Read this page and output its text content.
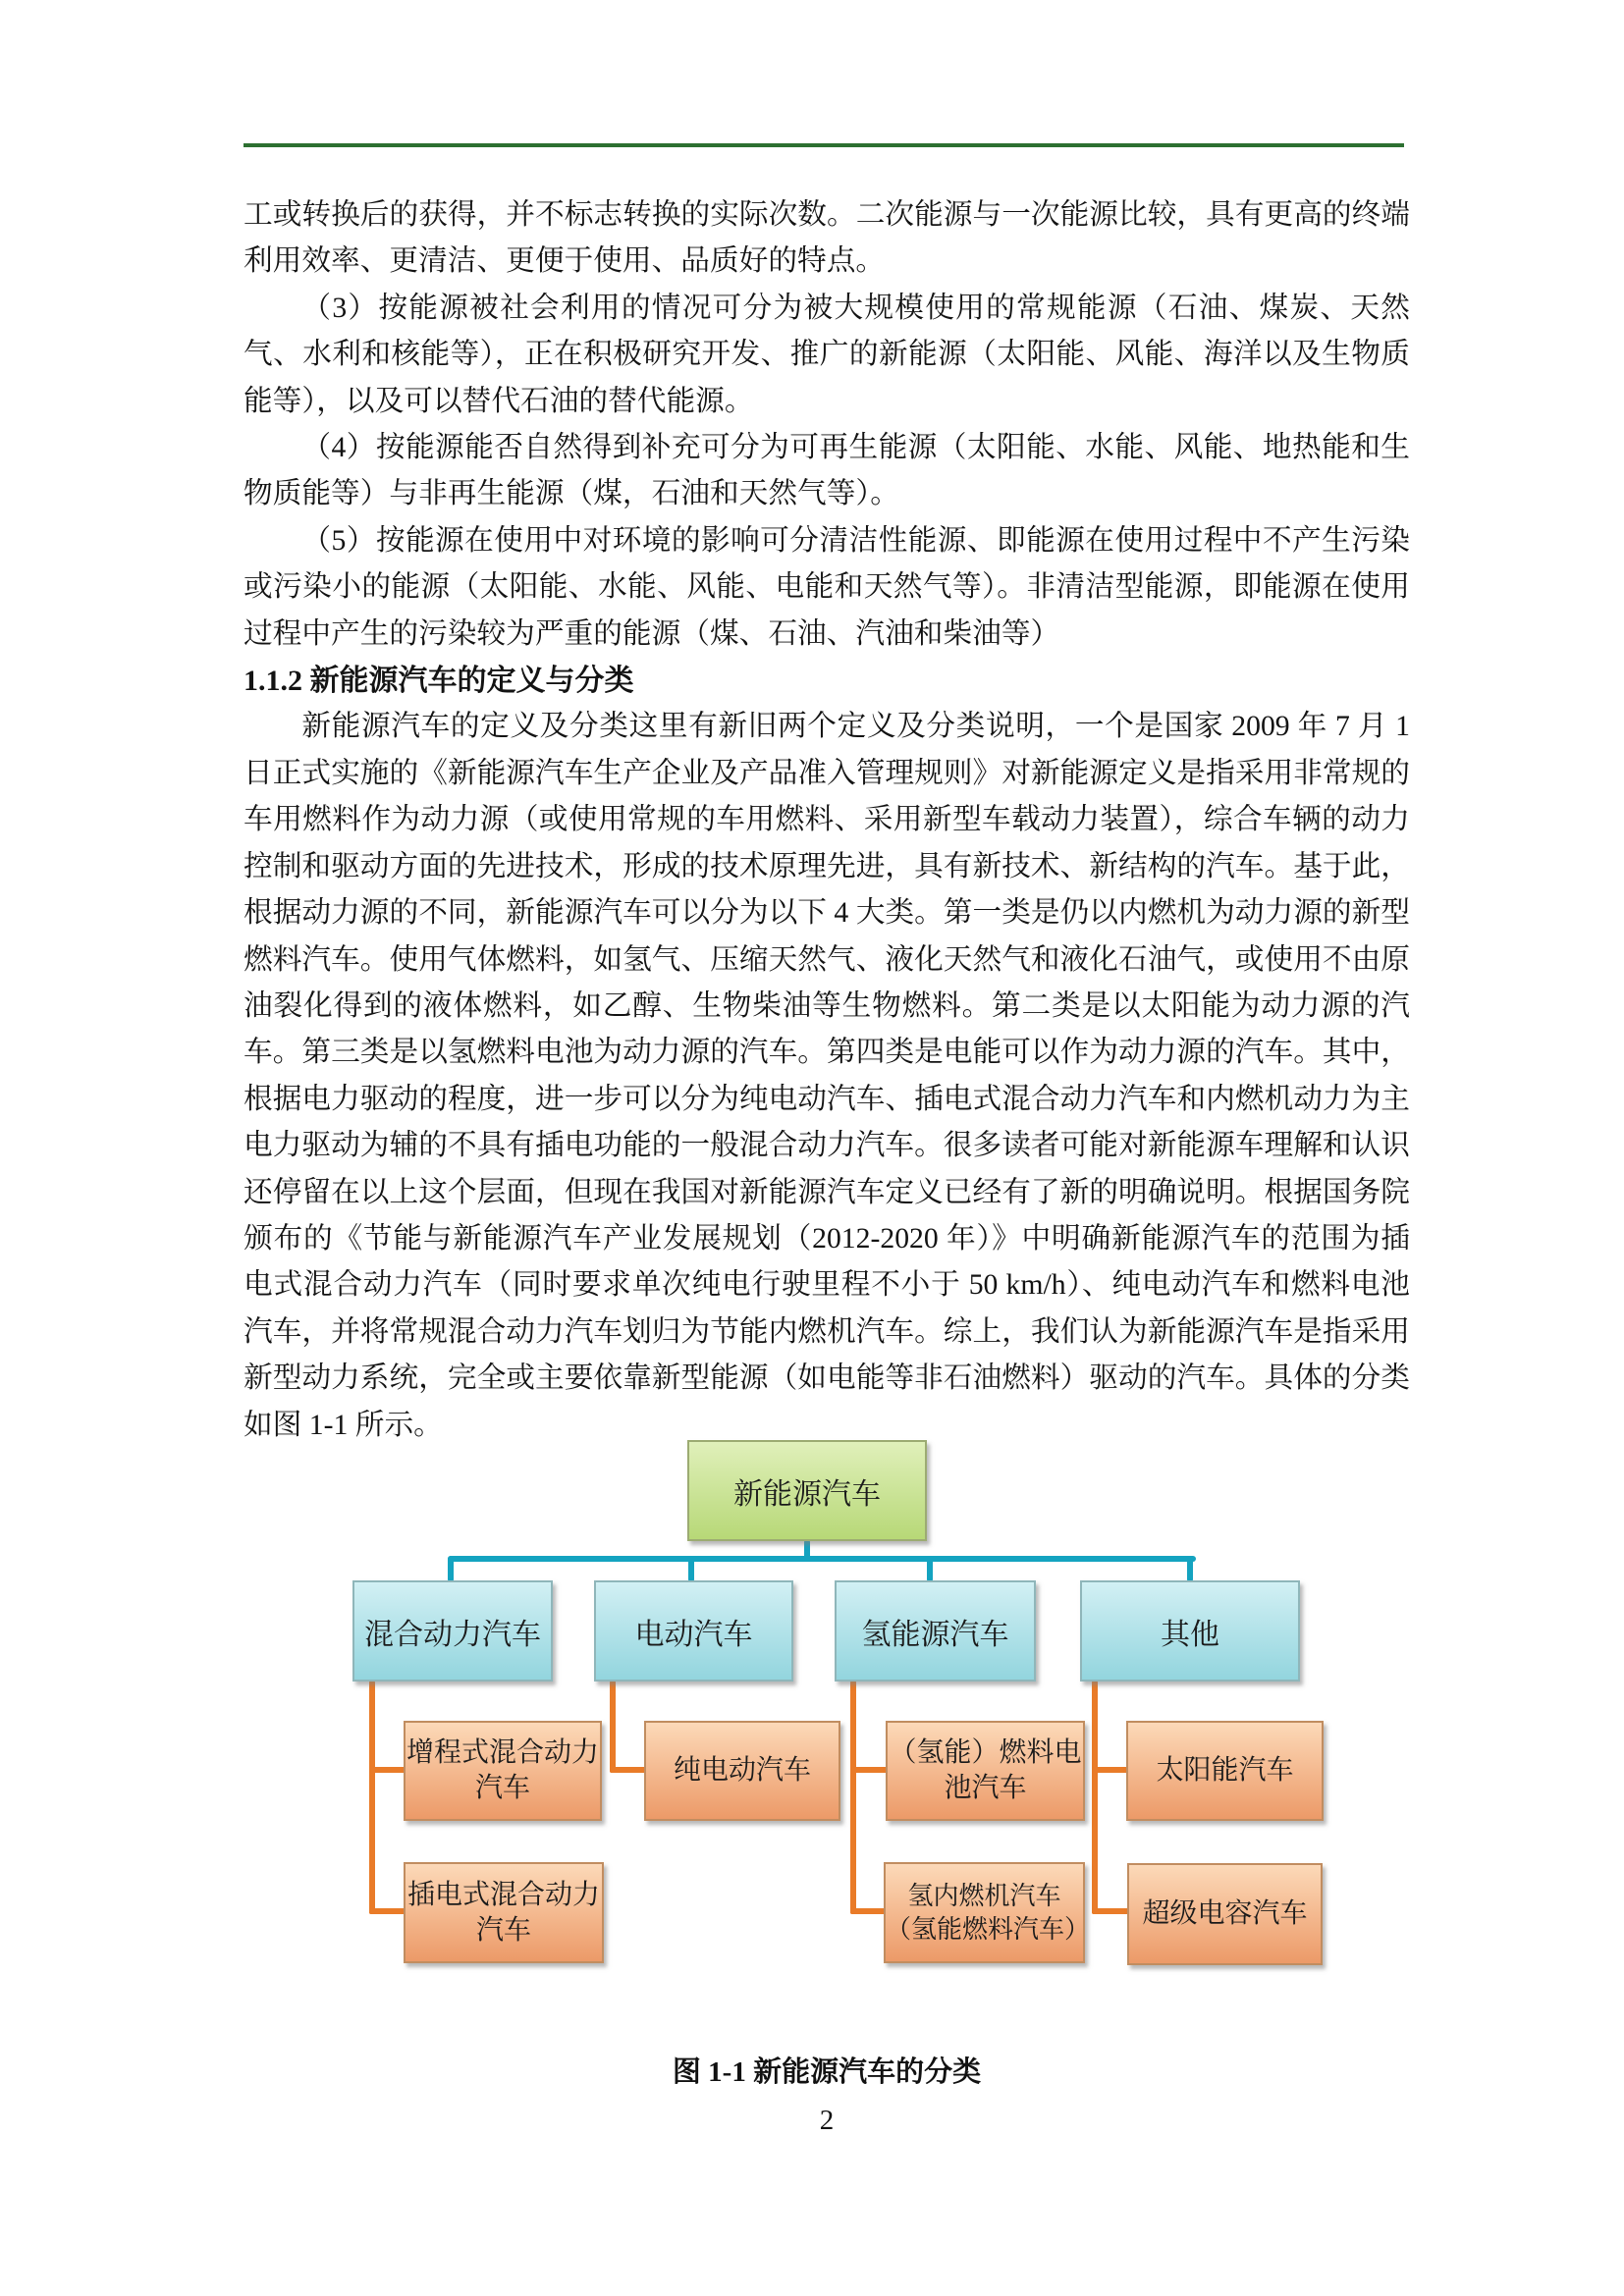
工或转换后的获得，并不标志转换的实际次数。二次能源与一次能源比较，具有更高的终端利用效率、更清洁、更便于使用、品质好的特点。

（3）按能源被社会利用的情况可分为被大规模使用的常规能源（石油、煤炭、天然气、水利和核能等），正在积极研究开发、推广的新能源（太阳能、风能、海洋以及生物质能等），以及可以替代石油的替代能源。

（4）按能源能否自然得到补充可分为可再生能源（太阳能、水能、风能、地热能和生物质能等）与非再生能源（煤，石油和天然气等）。

（5）按能源在使用中对环境的影响可分清洁性能源、即能源在使用过程中不产生污染或污染小的能源（太阳能、水能、风能、电能和天然气等）。非清洁型能源，即能源在使用过程中产生的污染较为严重的能源（煤、石油、汽油和柴油等）

1.1.2 新能源汽车的定义与分类

新能源汽车的定义及分类这里有新旧两个定义及分类说明，一个是国家 2009 年 7 月 1 日正式实施的《新能源汽车生产企业及产品准入管理规则》对新能源定义是指采用非常规的车用燃料作为动力源（或使用常规的车用燃料、采用新型车载动力装置），综合车辆的动力控制和驱动方面的先进技术，形成的技术原理先进，具有新技术、新结构的汽车。基于此，根据动力源的不同，新能源汽车可以分为以下 4 大类。第一类是仍以内燃机为动力源的新型燃料汽车。使用气体燃料，如氢气、压缩天然气、液化天然气和液化石油气，或使用不由原油裂化得到的液体燃料，如乙醇、生物柴油等生物燃料。第二类是以太阳能为动力源的汽车。第三类是以氢燃料电池为动力源的汽车。第四类是电能可以作为动力源的汽车。其中，根据电力驱动的程度，进一步可以分为纯电动汽车、插电式混合动力汽车和内燃机动力为主电力驱动为辅的不具有插电功能的一般混合动力汽车。很多读者可能对新能源车理解和认识还停留在以上这个层面，但现在我国对新能源汽车定义已经有了新的明确说明。根据国务院颁布的《节能与新能源汽车产业发展规划（2012-2020 年）》中明确新能源汽车的范围为插电式混合动力汽车（同时要求单次纯电行驶里程不小于 50 km/h）、纯电动汽车和燃料电池汽车，并将常规混合动力汽车划归为节能内燃机汽车。综上，我们认为新能源汽车是指采用新型动力系统，完全或主要依靠新型能源（如电能等非石油燃料）驱动的汽车。具体的分类如图 1-1 所示。

新能源汽车
混合动力汽车	电动汽车	氢能源汽车	其他
增程式混合动力
汽车
纯电动汽车
（氢能）燃料电
池汽车
太阳能汽车
插电式混合动力
汽车
氢内燃机汽车
（氢能燃料汽车） 超级电容汽车
图 1-1 新能源汽车的分类
2
